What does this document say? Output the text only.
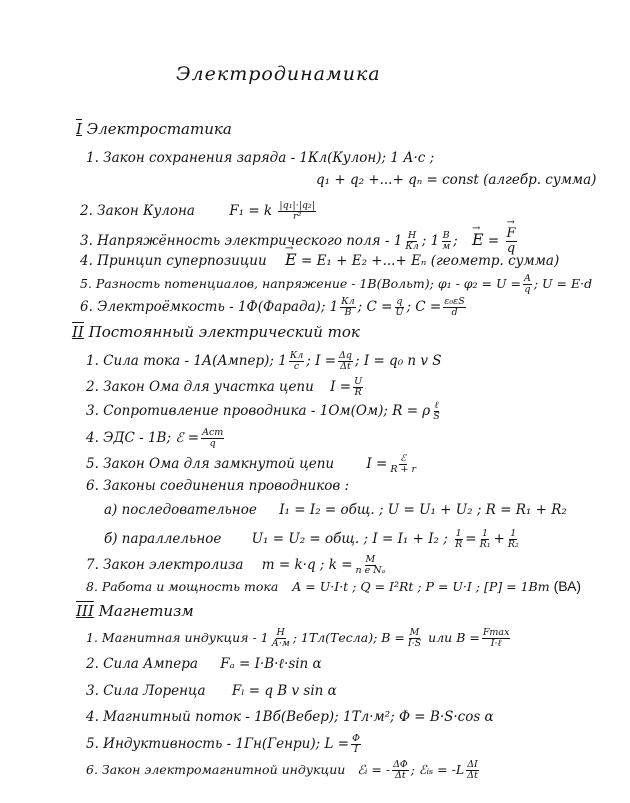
Электродинамика
I Электростатика
1. Закон сохранения заряда - 1Кл(Кулон); 1 А·с ;
q₁ + q₂ +...+ qₙ = const (алгебр. сумма)
2. Закон Кулона	F₁ = k $\frac{\text{|q₁|·|q₂|}}{\text{r²}}$
3. Напряжённость электрического поля - $1 \frac{Н}{Кл}$ ; $1 \frac{В}{м}$ ; → E = → $\frac{F}{q}$
4. Принцип суперпозиции → E = E₁ + E₂ +...+ Eₙ (геометр. сумма)
5. Разность потенциалов, напряжение - 1В(Вольт); $\varphi_1 - \varphi_2 = U = \frac{A}{q}$ ; U = E·d
6. Электроёмкость - 1Ф(Фарада); $1 \frac{Кл}{В}$ ; $C = \frac{q}{U}$ ; $C = \frac{\text{ε₀εS}}{d}$
II Постоянный электрический ток
1. Сила тока - 1А(Ампер); $1 \frac{Кл}{с}$ ; $I = \frac{\Delta q}{\Delta t}$ ; I = q₀ n v S
2. Закон Ома для участка цепи $I = \frac{U}{R}$
3. Сопротивление проводника - 1Ом(Ом); R = ρ $\frac{\text{ℓ}}{S}$
4. ЭДС - 1В; ℰ = $\frac{\text{Aст}}{q}$
5. Закон Ома для замкнутой цепи $I = \frac{\text{ℰ}}{R + r}$
6. Законы соединения проводников :
а) последовательное I₁ = I₂ = общ. ; U = U₁ + U₂ ; R = R₁ + R₂
б) параллельное U₁ = U₂ = общ. ; I = I₁ + I₂ ; $\frac{1}{R} = \frac{1}{\text{R₁}} + \frac{1}{\text{R₂}}$
7. Закон электролиза m = k·q ; $k = \frac{M}{\text{n e Nₐ}}$
8. Работа и мощность тока A = U·I·t ; Q = I²Rt ; P = U·I ; [P] = 1Вт (ВА)
III Магнетизм
1. Магнитная индукция - $1 \frac{Н}{А\cdot м}$ ; 1Тл(Тесла); $B = \frac{M}{I\cdot S}$ или $B = \frac{Fmax}{\text{I·ℓ}}$
2. Сила Ампера Fₐ = I·B·ℓ·sin α
3. Сила Лоренца Fₗ = q B v sin α
4. Магнитный поток - 1Вб(Вебер); 1Тл·м²; Φ = B·S·cos α
5. Индуктивность - 1Гн(Генри); $L = \frac{\Phi}{I}$
6. Закон электромагнитной индукции ℰᵢ = - $\frac{\Delta\Phi}{\Delta t}$ ; ℰᵢₛ = $-L \frac{\Delta I}{\Delta t}$
